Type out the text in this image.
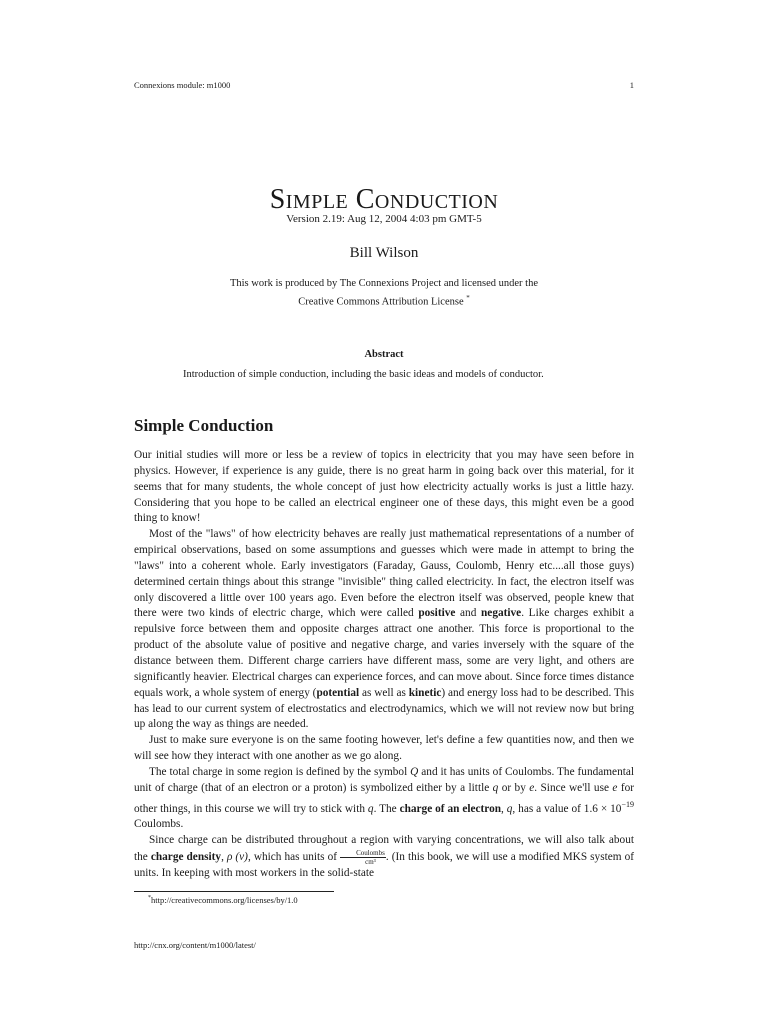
Connexions module: m1000	1
Simple Conduction
Version 2.19: Aug 12, 2004 4:03 pm GMT-5
Bill Wilson
This work is produced by The Connexions Project and licensed under the
Creative Commons Attribution License *
Abstract
Introduction of simple conduction, including the basic ideas and models of conductor.
Simple Conduction

Our initial studies will more or less be a review of topics in electricity that you may have seen before in physics. However, if experience is any guide, there is no great harm in going back over this material, for it seems that for many students, the whole concept of just how electricity actually works is just a little hazy. Considering that you hope to be called an electrical engineer one of these days, this might even be a good thing to know!

Most of the "laws" of how electricity behaves are really just mathematical representations of a number of empirical observations, based on some assumptions and guesses which were made in attempt to bring the "laws" into a coherent whole. Early investigators (Faraday, Gauss, Coulomb, Henry etc....all those guys) determined certain things about this strange "invisible" thing called electricity. In fact, the electron itself was only discovered a little over 100 years ago. Even before the electron itself was observed, people knew that there were two kinds of electric charge, which were called positive and negative. Like charges exhibit a repulsive force between them and opposite charges attract one another. This force is proportional to the product of the absolute value of positive and negative charge, and varies inversely with the square of the distance between them. Different charge carriers have different mass, some are very light, and others are significantly heavier. Electrical charges can experience forces, and can move about. Since force times distance equals work, a whole system of energy (potential as well as kinetic) and energy loss had to be described. This has lead to our current system of electrostatics and electrodynamics, which we will not review now but bring up along the way as things are needed.

Just to make sure everyone is on the same footing however, let's define a few quantities now, and then we will see how they interact with one another as we go along.

The total charge in some region is defined by the symbol Q and it has units of Coulombs. The fundamental unit of charge (that of an electron or a proton) is symbolized either by a little q or by e. Since we'll use e for other things, in this course we will try to stick with q. The charge of an electron, q, has a value of $1.6 \times 10^{-19}$ Coulombs.

Since charge can be distributed throughout a region with varying concentrations, we will also talk about the charge density, ρ (ν), which has units of $\frac{\text{Coulombs}}{\text{cm³}}$ . (In this book, we will use a modified MKS system of units. In keeping with most workers in the solid-state

*http://creativecommons.org/licenses/by/1.0
http://cnx.org/content/m1000/latest/
